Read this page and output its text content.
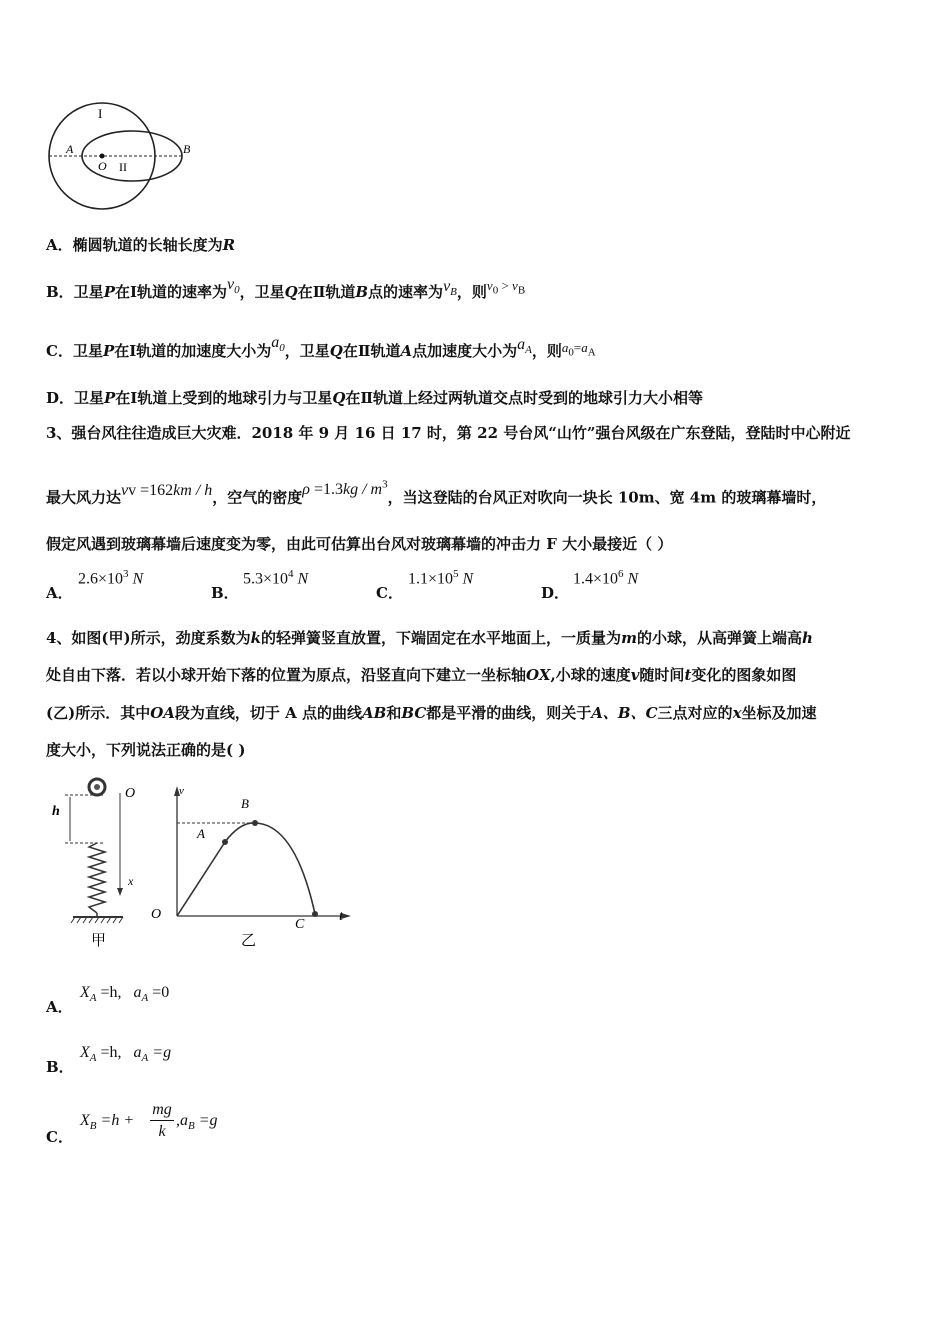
I
A
O II
B
A．椭圆轨道的长轴长度为R
B．卫星P在Ⅰ轨道的速率为$v_0$，卫星Q在Ⅱ轨道B点的速率为$v_B$，则$v_0 > v_B$
C．卫星P在Ⅰ轨道的加速度大小为$a_0$，卫星Q在Ⅱ轨道A点加速度大小为$a_A$，则$a_0=a_A$
D．卫星P在Ⅰ轨道上受到的地球引力与卫星Q在Ⅱ轨道上经过两轨道交点时受到的地球引力大小相等
3、强台风往往造成巨大灾难．2018 年 9 月 16 日 17 时，第 22 号台风“山竹”强台风级在广东登陆，登陆时中心附近
最大风力达vv =162km / h，空气的密度$\rho =1.3kg / m^3$，当这登陆的台风正对吹向一块长 10m、宽 4m 的玻璃幕墙时，
假定风遇到玻璃幕墙后速度变为零，由此可估算出台风对玻璃幕墙的冲击力 F 大小最接近（ ）
A．
$2.6\times 10^3$ N
B．
$5.3\times 10^4$ N
C．
$1.1\times 10^5$ N
D．
$1.4\times 10^6$ N
4、如图(甲)所示，劲度系数为k的轻弹簧竖直放置，下端固定在水平地面上，一质量为m的小球，从高弹簧上端高h
处自由下落．若以小球开始下落的位置为原点，沿竖直向下建立一坐标轴OX,小球的速度v随时间t变化的图象如图
(乙)所示．其中OA段为直线，切于 A 点的曲线AB和BC都是平滑的曲线，则关于A、B、C三点对应的x坐标及加速
度大小，下列说法正确的是( )
h
O
x
甲
v
A
B
O
C
t
乙
A．
$X_A =h$, $a_A =0$
B．
$X_A =h$, $a_A =g$
C．
$X_B =h$ +
mg
k
$,a_B =g$
